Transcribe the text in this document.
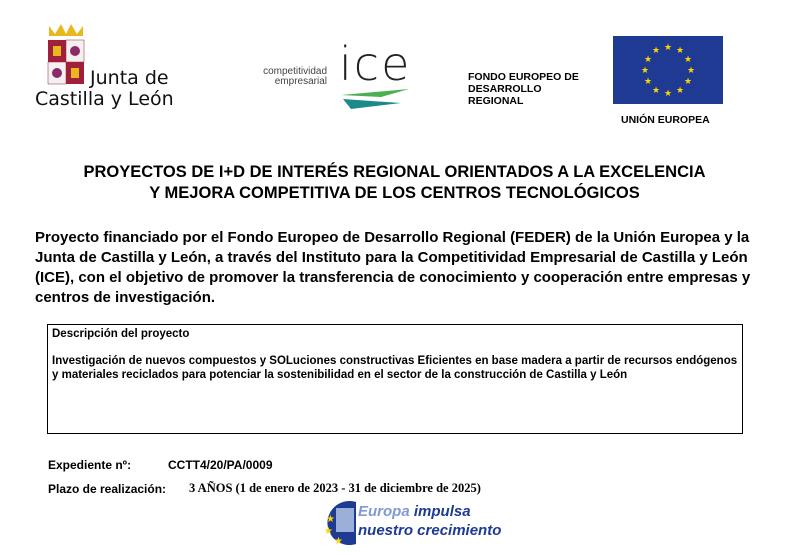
Junta de
Castilla y León
competitividad
empresarial ice	FONDO EUROPEO DE
DESARROLLO
REGIONAL
★ ★
★
★
★
★
★
★
★
★
★
★
UNIÓN EUROPEA
PROYECTOS DE I+D DE INTERÉS REGIONAL ORIENTADOS A LA EXCELENCIA
Y MEJORA COMPETITIVA DE LOS CENTROS TECNOLÓGICOS
Proyecto financiado por el Fondo Europeo de Desarrollo Regional (FEDER) de la Unión Europea y la Junta de Castilla y León, a través del Instituto para la Competitividad Empresarial de Castilla y León (ICE), con el objetivo de promover la transferencia de conocimiento y cooperación entre empresas y centros de investigación.
Descripción del proyecto
Investigación de nuevos compuestos y SOLuciones constructivas Eficientes en base madera a partir de recursos endógenos y materiales reciclados para potenciar la sostenibilidad en el sector de la construcción de Castilla y León
Expediente nº:	CCTT4/20/PA/0009
Plazo de realización: 3 AÑOS (1 de enero de 2023 - 31 de diciembre de 2025)
★
★
★ Europa impulsa
nuestro crecimiento
